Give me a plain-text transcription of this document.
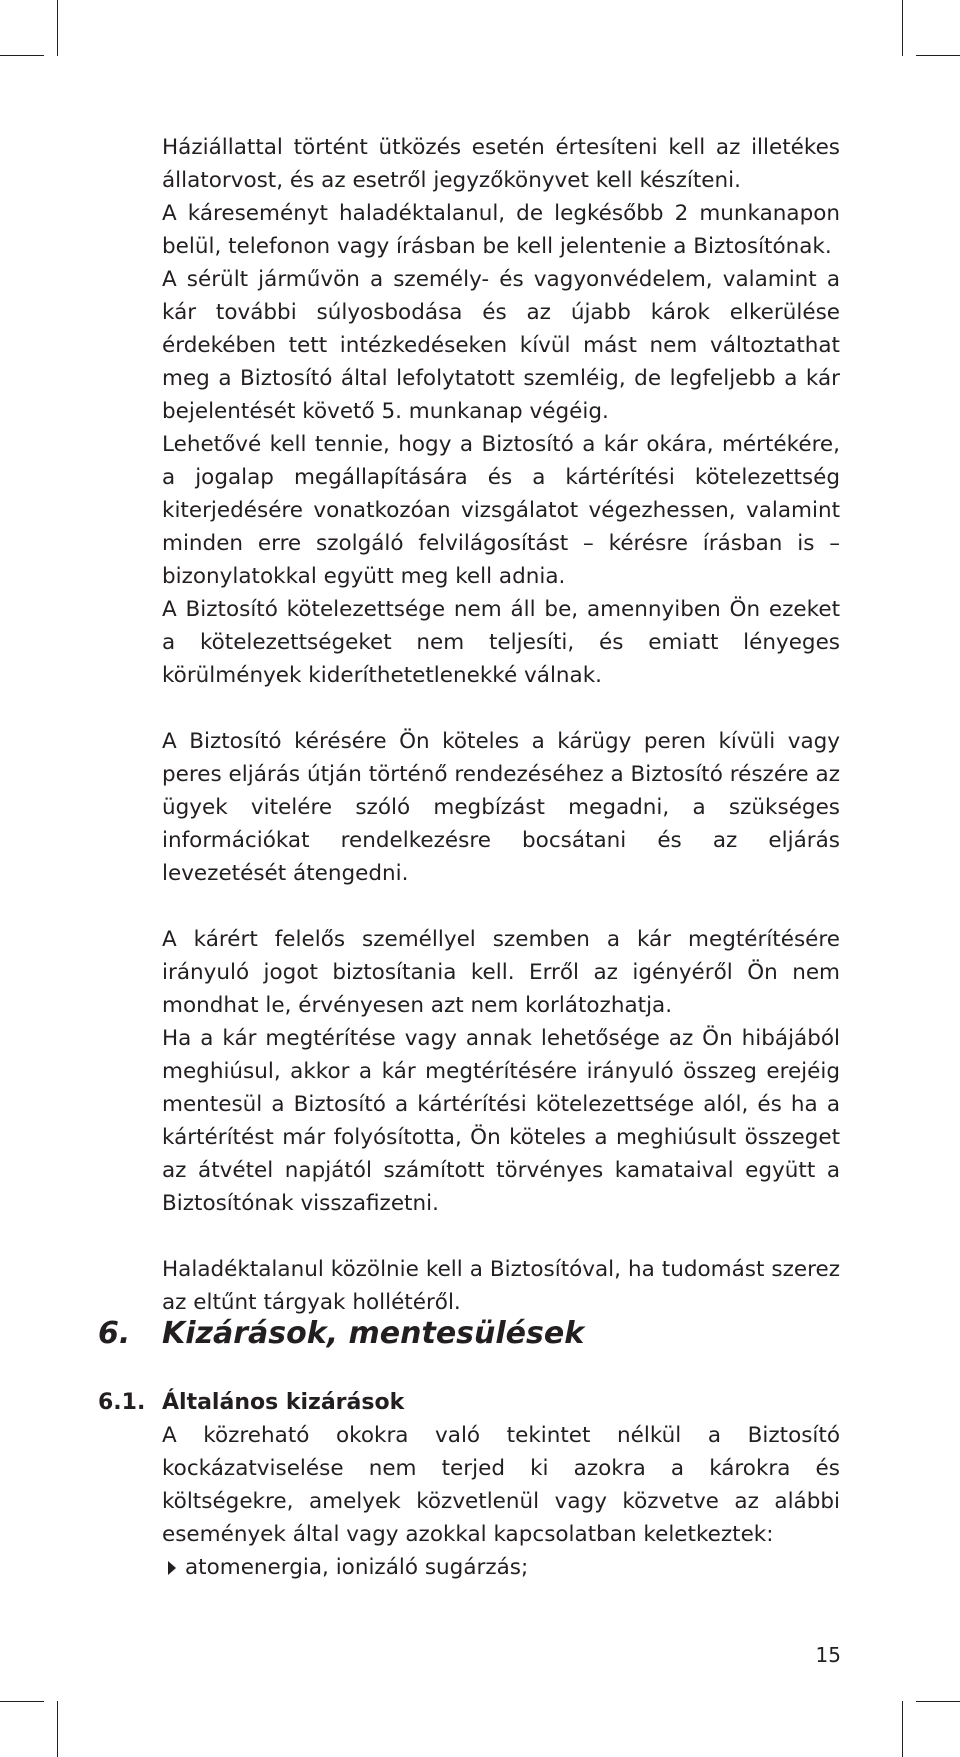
Háziállattal történt ütközés esetén értesíteni kell az illetékes állatorvost, és az esetről jegyzőkönyvet kell készíteni.

A káreseményt haladéktalanul, de legkésőbb 2 munkanapon belül, telefonon vagy írásban be kell jelentenie a Biztosítónak.

A sérült járművön a személy- és vagyonvédelem, valamint a kár további súlyosbodása és az újabb károk elkerülése érdekében tett intézkedéseken kívül mást nem változtathat meg a Biztosító által lefolytatott szemléig, de legfeljebb a kár bejelentését követő 5. munkanap végéig.

Lehetővé kell tennie, hogy a Biztosító a kár okára, mértékére, a jogalap megállapítására és a kártérítési kötelezettség kiterjedésére vonatkozóan vizsgálatot végezhessen, valamint minden erre szolgáló felvilágosítást – kérésre írásban is – bizonylatokkal együtt meg kell adnia.

A Biztosító kötelezettsége nem áll be, amennyiben Ön ezeket a kötelezettségeket nem teljesíti, és emiatt lényeges körülmények kideríthetetlenekké válnak.

A Biztosító kérésére Ön köteles a kárügy peren kívüli vagy peres eljárás útján történő rendezéséhez a Biztosító részére az ügyek vitelére szóló megbízást megadni, a szükséges információkat rendelkezésre bocsátani és az eljárás levezetését átengedni.

A kárért felelős személlyel szemben a kár megtérítésére irányuló jogot biztosítania kell. Erről az igényéről Ön nem mondhat le, érvényesen azt nem korlátozhatja.

Ha a kár megtérítése vagy annak lehetősége az Ön hibájából meghiúsul, akkor a kár megtérítésére irányuló összeg erejéig mentesül a Biztosító a kártérítési kötelezettsége alól, és ha a kártérítést már folyósította, Ön köteles a meghiúsult összeget az átvétel napjától számított törvényes kamataival együtt a Biztosítónak visszafizetni.

Haladéktalanul közölnie kell a Biztosítóval, ha tudomást szerez az eltűnt tárgyak hollétéről.

6. Kizárások, mentesülések
6.1. Általános kizárások

A közreható okokra való tekintet nélkül a Biztosító kockázatviselése nem terjed ki azokra a károkra és költségekre, amelyek közvetlenül vagy közvetve az alábbi események által vagy azokkal kapcsolatban keletkeztek:

atomenergia, ionizáló sugárzás;
15
